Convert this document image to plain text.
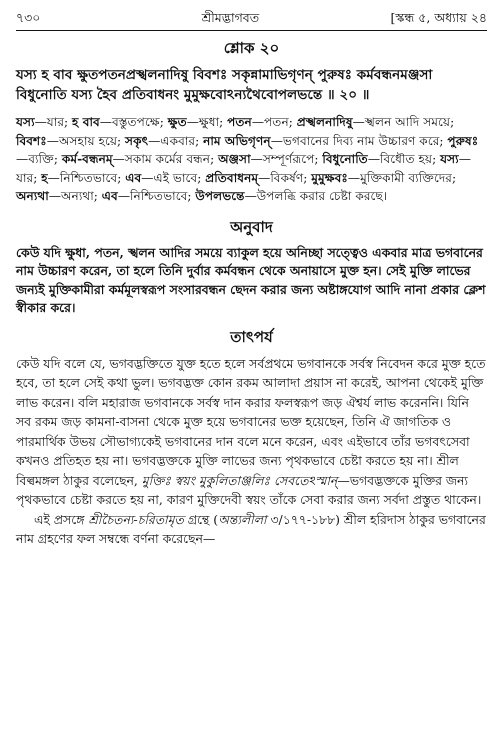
৭৩০	শ্রীমদ্ভাগবত	[স্কন্ধ ৫, অধ্যায় ২৪
শ্লোক ২০
যস্য হ বাব ক্ষুতপতনপ্রস্খলনাদিষু বিবশঃ সকৃন্নামাভিগৃণন্ পুরুষঃ কর্মবন্ধনমঞ্জসা বিধুনোতি যস্য হৈব প্রতিবাধনং মুমুক্ষবোঽন্যথৈবোপলভন্তে ॥ ২০ ॥
যস্য—যার; হ বাব—বস্তুতপক্ষে; ক্ষুত—ক্ষুধা; পতন—পতন; প্রস্খলনাদিষু—স্খলন আদি সময়ে; বিবশঃ—অসহায় হয়ে; সকৃৎ—একবার; নাম অভিগৃণন্—ভগবানের দিব্য নাম উচ্চারণ করে; পুরুষঃ—ব্যক্তি; কর্ম-বন্ধনম্—সকাম কর্মের বন্ধন; অঞ্জসা—সম্পূর্ণরূপে; বিধুনোতি—বিধৌত হয়; যস্য—যার; হ—নিশ্চিতভাবে; এব—এই ভাবে; প্রতিবাধনম্—বিকর্ষণ; মুমুক্ষবঃ—মুক্তিকামী ব্যক্তিদের; অন্যথা—অন্যথা; এব—নিশ্চিতভাবে; উপলভন্তে—উপলব্ধি করার চেষ্টা করছে।
অনুবাদ
কেউ যদি ক্ষুধা, পতন, স্খলন আদির সময়ে ব্যাকুল হয়ে অনিচ্ছা সত্ত্বেও একবার মাত্র ভগবানের নাম উচ্চারণ করেন, তা হলে তিনি দুর্বার কর্মবন্ধন থেকে অনায়াসে মুক্ত হন। সেই মুক্তি লাভের জন্যই মুক্তিকামীরা কর্মমূলস্বরূপ সংসারবন্ধন ছেদন করার জন্য অষ্টাঙ্গযোগ আদি নানা প্রকার ক্লেশ স্বীকার করে।
তাৎপর্য

কেউ যদি বলে যে, ভগবদ্ভক্তিতে যুক্ত হতে হলে সর্বপ্রথমে ভগবানকে সর্বস্ব নিবেদন করে মুক্ত হতে হবে, তা হলে সেই কথা ভুল। ভগবদ্ভক্ত কোন রকম আলাদা প্রয়াস না করেই, আপনা থেকেই মুক্তি লাভ করেন। বলি মহারাজ ভগবানকে সর্বস্ব দান করার ফলস্বরূপ জড় ঐশ্বর্য লাভ করেননি। যিনি সব রকম জড় কামনা-বাসনা থেকে মুক্ত হয়ে ভগবানের ভক্ত হয়েছেন, তিনি ঐ জাগতিক ও পারমার্থিক উভয় সৌভাগ্যকেই ভগবানের দান বলে মনে করেন, এবং এইভাবে তাঁর ভগবৎসেবা কখনও প্রতিহত হয় না। ভগবদ্ভক্তকে মুক্তি লাভের জন্য পৃথকভাবে চেষ্টা করতে হয় না। শ্রীল বিল্বমঙ্গল ঠাকুর বলেছেন, মুক্তিঃ স্বয়ং মুকুলিতাঞ্জলিঃ সেবতেঽস্মান্—ভগবদ্ভক্তকে মুক্তির জন্য পৃথকভাবে চেষ্টা করতে হয় না, কারণ মুক্তিদেবী স্বয়ং তাঁকে সেবা করার জন্য সর্বদা প্রস্তুত থাকেন।

এই প্রসঙ্গে শ্রীচৈতন্য-চরিতামৃত গ্রন্থে (অন্ত্যলীলা ৩/১৭৭-১৮৮) শ্রীল হরিদাস ঠাকুর ভগবানের নাম গ্রহণের ফল সম্বন্ধে বর্ণনা করেছেন—
